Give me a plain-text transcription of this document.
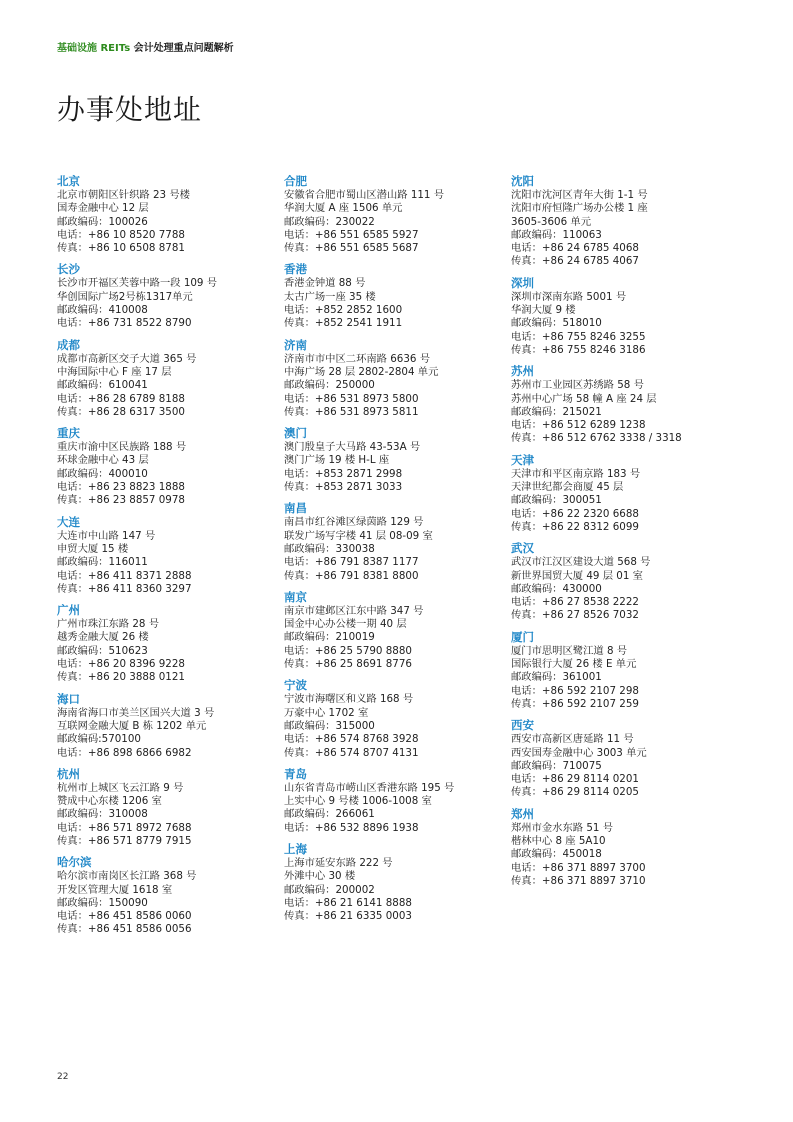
基础设施 REITs 会计处理重点问题解析
办事处地址
北京
北京市朝阳区针织路 23 号楼
国寿金融中心 12 层
邮政编码：100026
电话：+86 10 8520 7788
传真：+86 10 6508 8781
长沙
长沙市开福区芙蓉中路一段 109 号
华创国际广场2号栋1317单元
邮政编码：410008
电话：+86 731 8522 8790
成都
成都市高新区交子大道 365 号
中海国际中心 F 座 17 层
邮政编码：610041
电话：+86 28 6789 8188
传真：+86 28 6317 3500
重庆
重庆市渝中区民族路 188 号
环球金融中心 43 层
邮政编码：400010
电话：+86 23 8823 1888
传真：+86 23 8857 0978
大连
大连市中山路 147 号
申贸大厦 15 楼
邮政编码：116011
电话：+86 411 8371 2888
传真：+86 411 8360 3297
广州
广州市珠江东路 28 号
越秀金融大厦 26 楼
邮政编码：510623
电话：+86 20 8396 9228
传真：+86 20 3888 0121
海口
海南省海口市美兰区国兴大道 3 号
互联网金融大厦 B 栋 1202 单元
邮政编码:570100
电话：+86 898 6866 6982
杭州
杭州市上城区飞云江路 9 号
赞成中心东楼 1206 室
邮政编码：310008
电话：+86 571 8972 7688
传真：+86 571 8779 7915
哈尔滨
哈尔滨市南岗区长江路 368 号
开发区管理大厦 1618 室
邮政编码：150090
电话：+86 451 8586 0060
传真：+86 451 8586 0056
合肥
安徽省合肥市蜀山区潜山路 111 号
华润大厦 A 座 1506 单元
邮政编码：230022
电话：+86 551 6585 5927
传真：+86 551 6585 5687
香港
香港金钟道 88 号
太古广场一座 35 楼
电话：+852 2852 1600
传真：+852 2541 1911
济南
济南市市中区二环南路 6636 号
中海广场 28 层 2802-2804 单元
邮政编码：250000
电话：+86 531 8973 5800
传真：+86 531 8973 5811
澳门
澳门殷皇子大马路 43-53A 号
澳门广场 19 楼 H-L 座
电话：+853 2871 2998
传真：+853 2871 3033
南昌
南昌市红谷滩区绿茵路 129 号
联发广场写字楼 41 层 08-09 室
邮政编码：330038
电话：+86 791 8387 1177
传真：+86 791 8381 8800
南京
南京市建邺区江东中路 347 号
国金中心办公楼一期 40 层
邮政编码：210019
电话：+86 25 5790 8880
传真：+86 25 8691 8776
宁波
宁波市海曙区和义路 168 号
万豪中心 1702 室
邮政编码：315000
电话：+86 574 8768 3928
传真：+86 574 8707 4131
青岛
山东省青岛市崂山区香港东路 195 号
上实中心 9 号楼 1006-1008 室
邮政编码：266061
电话：+86 532 8896 1938
上海
上海市延安东路 222 号
外滩中心 30 楼
邮政编码：200002
电话：+86 21 6141 8888
传真：+86 21 6335 0003
沈阳
沈阳市沈河区青年大街 1-1 号
沈阳市府恒隆广场办公楼 1 座
3605-3606 单元
邮政编码：110063
电话：+86 24 6785 4068
传真：+86 24 6785 4067
深圳
深圳市深南东路 5001 号
华润大厦 9 楼
邮政编码：518010
电话：+86 755 8246 3255
传真：+86 755 8246 3186
苏州
苏州市工业园区苏绣路 58 号
苏州中心广场 58 幢 A 座 24 层
邮政编码：215021
电话：+86 512 6289 1238
传真：+86 512 6762 3338 / 3318
天津
天津市和平区南京路 183 号
天津世纪都会商厦 45 层
邮政编码：300051
电话：+86 22 2320 6688
传真：+86 22 8312 6099
武汉
武汉市江汉区建设大道 568 号
新世界国贸大厦 49 层 01 室
邮政编码：430000
电话：+86 27 8538 2222
传真：+86 27 8526 7032
厦门
厦门市思明区鹭江道 8 号
国际银行大厦 26 楼 E 单元
邮政编码：361001
电话：+86 592 2107 298
传真：+86 592 2107 259
西安
西安市高新区唐延路 11 号
西安国寿金融中心 3003 单元
邮政编码：710075
电话：+86 29 8114 0201
传真：+86 29 8114 0205
郑州
郑州市金水东路 51 号
楷林中心 8 座 5A10
邮政编码：450018
电话：+86 371 8897 3700
传真：+86 371 8897 3710
22
